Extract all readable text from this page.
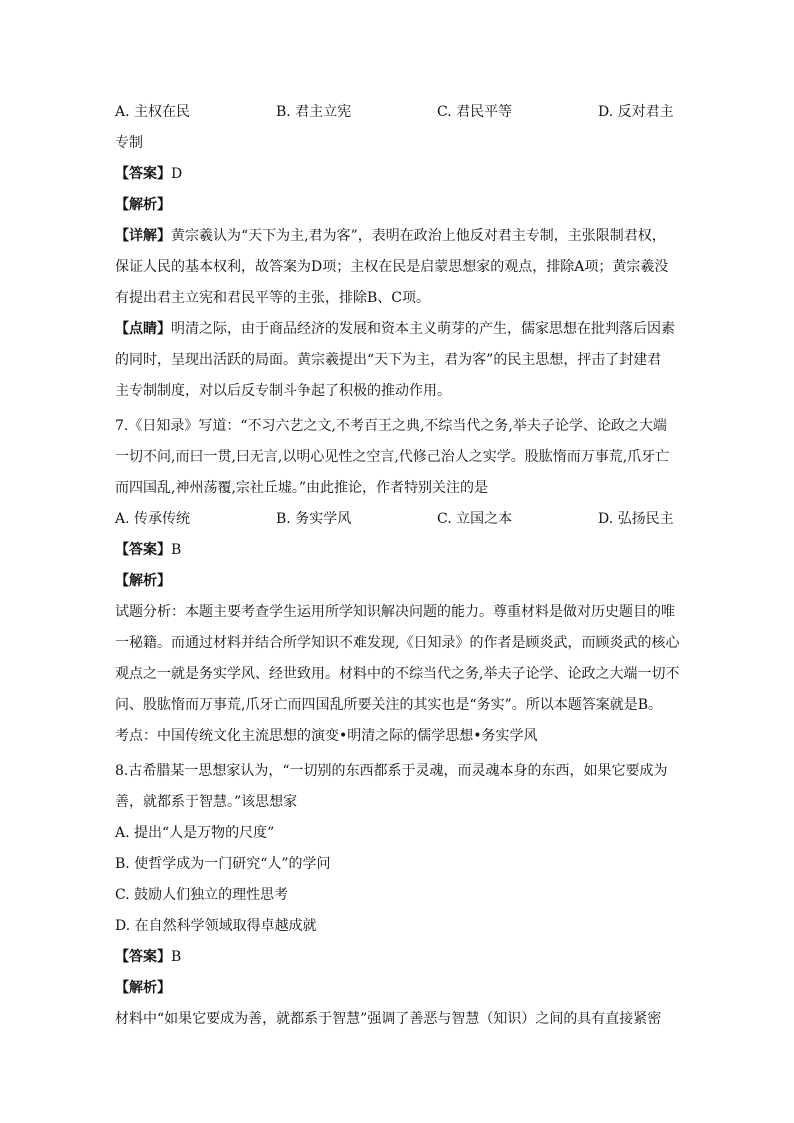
A. 主权在民	B. 君主立宪	C. 君民平等	D. 反对君主
专制
【答案】D
【解析】
【详解】黄宗羲认为“天下为主,君为客”，表明在政治上他反对君主专制，主张限制君权，
保证人民的基本权利，故答案为D项；主权在民是启蒙思想家的观点，排除A项；黄宗羲没
有提出君主立宪和君民平等的主张，排除B、C项。
【点睛】明清之际，由于商品经济的发展和资本主义萌芽的产生，儒家思想在批判落后因素
的同时，呈现出活跃的局面。黄宗羲提出“天下为主，君为客”的民主思想，抨击了封建君
主专制制度，对以后反专制斗争起了积极的推动作用。
7.《日知录》写道：“不习六艺之文,不考百王之典,不综当代之务,举夫子论学、论政之大端
一切不问,而曰一贯,曰无言,以明心见性之空言,代修己治人之实学。股肱惰而万事荒,爪牙亡
而四国乱,神州荡覆,宗社丘墟。”由此推论，作者特别关注的是
A. 传承传统	B. 务实学风	C. 立国之本	D. 弘扬民主
【答案】B
【解析】
试题分析：本题主要考查学生运用所学知识解决问题的能力。尊重材料是做对历史题目的唯
一秘籍。而通过材料并结合所学知识不难发现,《日知录》的作者是顾炎武，而顾炎武的核心
观点之一就是务实学风、经世致用。材料中的不综当代之务,举夫子论学、论政之大端一切不
问、股肱惰而万事荒,爪牙亡而四国乱所要关注的其实也是“务实”。所以本题答案就是B。
考点：中国传统文化主流思想的演变•明清之际的儒学思想•务实学风
8.古希腊某一思想家认为，“一切别的东西都系于灵魂，而灵魂本身的东西，如果它要成为
善，就都系于智慧。”该思想家
A. 提出“人是万物的尺度”
B. 使哲学成为一门研究“人”的学问
C. 鼓励人们独立的理性思考
D. 在自然科学领域取得卓越成就
【答案】B
【解析】
材料中“如果它要成为善，就都系于智慧”强调了善恶与智慧（知识）之间的具有直接紧密
